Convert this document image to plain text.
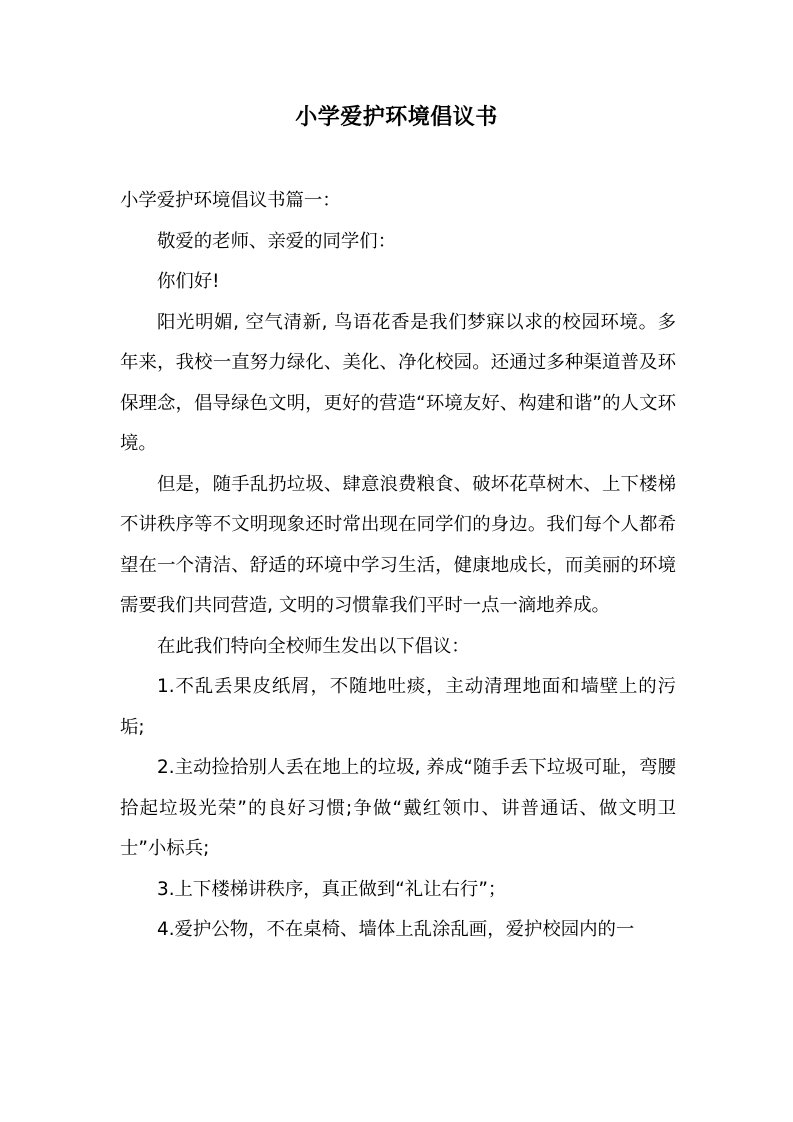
小学爱护环境倡议书

小学爱护环境倡议书篇一：

敬爱的老师、亲爱的同学们：

你们好!

阳光明媚, 空气清新, 鸟语花香是我们梦寐以求的校园环境。多年来，我校一直努力绿化、美化、净化校园。还通过多种渠道普及环保理念，倡导绿色文明，更好的营造“环境友好、构建和谐”的人文环境。

但是，随手乱扔垃圾、肆意浪费粮食、破坏花草树木、上下楼梯不讲秩序等不文明现象还时常出现在同学们的身边。我们每个人都希望在一个清洁、舒适的环境中学习生活，健康地成长，而美丽的环境需要我们共同营造, 文明的习惯靠我们平时一点一滴地养成。

在此我们特向全校师生发出以下倡议：

1.不乱丢果皮纸屑，不随地吐痰，主动清理地面和墙壁上的污垢;

2.主动捡拾别人丢在地上的垃圾, 养成“随手丢下垃圾可耻，弯腰拾起垃圾光荣”的良好习惯;争做“戴红领巾、讲普通话、做文明卫士”小标兵;

3.上下楼梯讲秩序，真正做到“礼让右行”；

4.爱护公物，不在桌椅、墙体上乱涂乱画，爱护校园内的一
